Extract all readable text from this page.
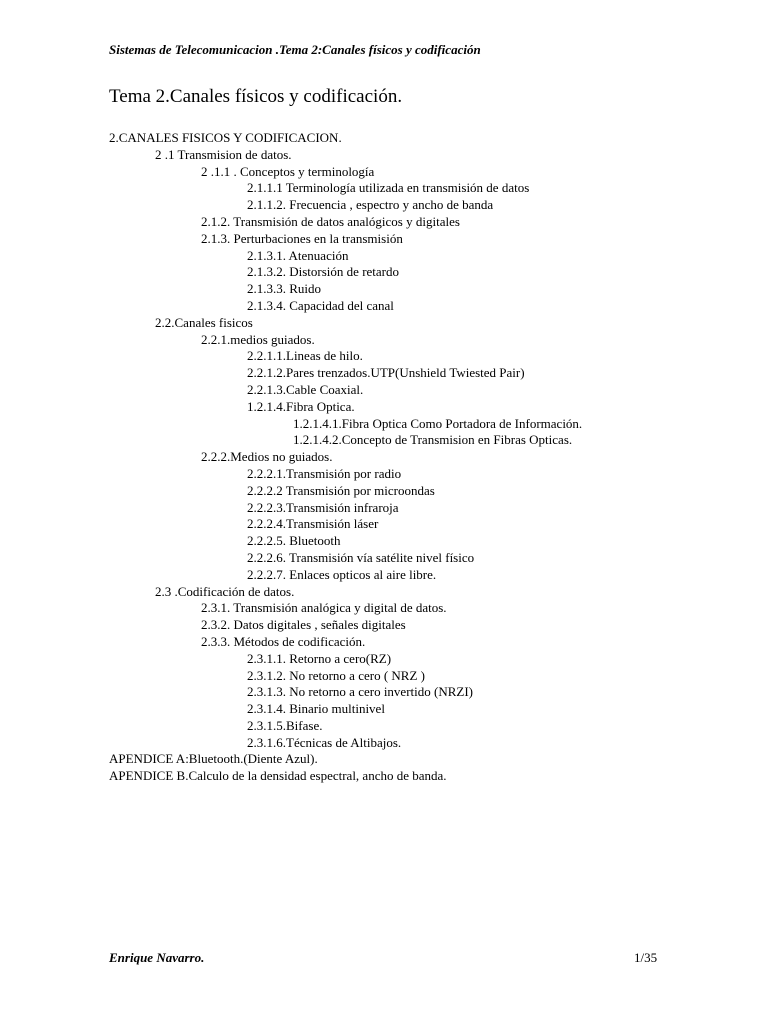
Sistemas de Telecomunicacion .Tema 2:Canales físicos y codificación
Tema 2.Canales físicos y codificación.
2.CANALES FISICOS Y CODIFICACION.
2 .1 Transmision de datos.
2 .1.1 . Conceptos y terminología
2.1.1.1 Terminología utilizada en transmisión de datos
2.1.1.2. Frecuencia , espectro y ancho de banda
2.1.2. Transmisión de datos analógicos y digitales
2.1.3. Perturbaciones en la transmisión
2.1.3.1. Atenuación
2.1.3.2. Distorsión de retardo
2.1.3.3. Ruido
2.1.3.4. Capacidad del canal
2.2.Canales fisicos
2.2.1.medios guiados.
2.2.1.1.Lineas de hilo.
2.2.1.2.Pares trenzados.UTP(Unshield Twiested Pair)
2.2.1.3.Cable Coaxial.
1.2.1.4.Fibra Optica.
1.2.1.4.1.Fibra Optica Como Portadora de Información.
1.2.1.4.2.Concepto de Transmision en Fibras Opticas.
2.2.2.Medios no guiados.
2.2.2.1.Transmisión por radio
2.2.2.2 Transmisión por microondas
2.2.2.3.Transmisión infraroja
2.2.2.4.Transmisión láser
2.2.2.5. Bluetooth
2.2.2.6. Transmisión vía satélite nivel físico
2.2.2.7. Enlaces opticos al aire libre.
2.3 .Codificación de datos.
2.3.1. Transmisión analógica y digital de datos.
2.3.2. Datos digitales , señales digitales
2.3.3. Métodos de codificación.
2.3.1.1. Retorno a cero(RZ)
2.3.1.2. No retorno a cero ( NRZ )
2.3.1.3. No retorno a cero invertido (NRZI)
2.3.1.4. Binario multinivel
2.3.1.5.Bifase.
2.3.1.6.Técnicas de Altibajos.
APENDICE A:Bluetooth.(Diente Azul).
APENDICE B.Calculo de la densidad espectral, ancho de banda.
Enrique Navarro.	1/35
